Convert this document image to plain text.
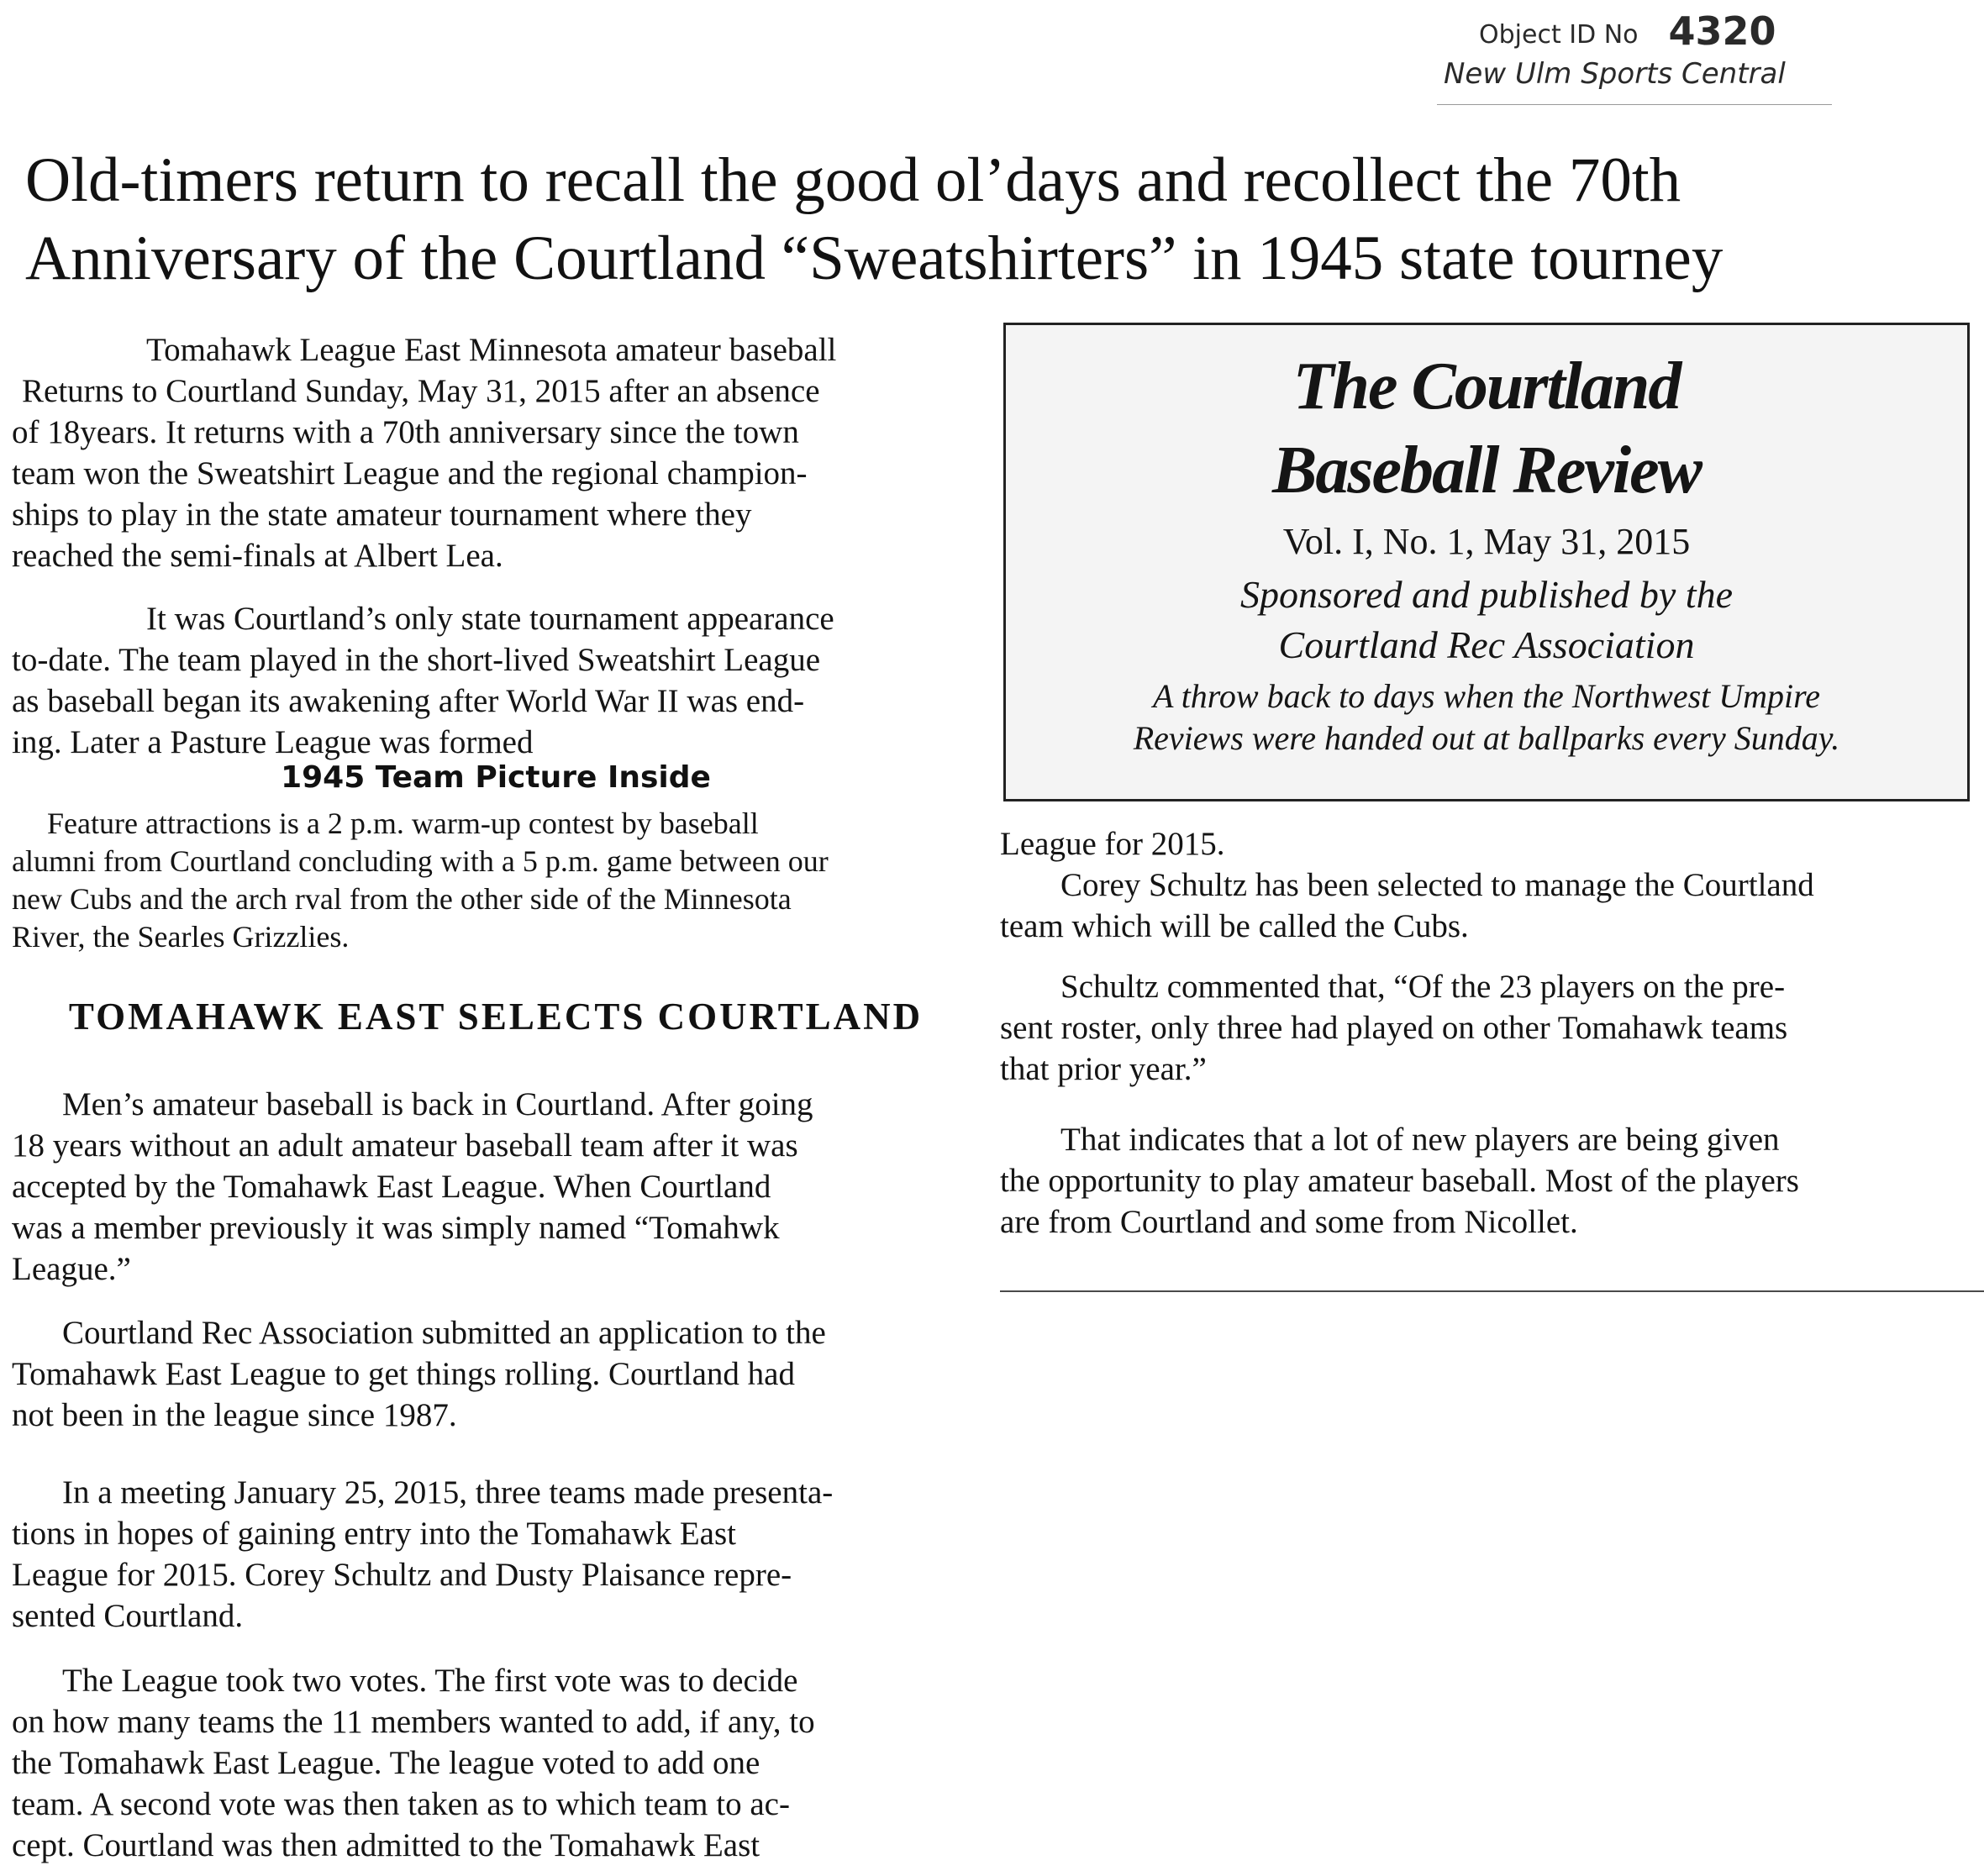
Object ID No 4320
New Ulm Sports Central
Old-timers return to recall the good ol’days and recollect the 70th
Anniversary of the Courtland “Sweatshirters” in 1945 state tourney
Tomahawk League East Minnesota amateur baseball
Returns to Courtland Sunday, May 31, 2015 after an absence
of 18years. It returns with a 70th anniversary since the town
team won the Sweatshirt League and the regional champion-
ships to play in the state amateur tournament where they
reached the semi-finals at Albert Lea.
It was Courtland’s only state tournament appearance
to-date. The team played in the short-lived Sweatshirt League
as baseball began its awakening after World War II was end-
ing. Later a Pasture League was formed
1945 Team Picture Inside
Feature attractions is a 2 p.m. warm-up contest by baseball
alumni from Courtland concluding with a 5 p.m. game between our
new Cubs and the arch rval from the other side of the Minnesota
River, the Searles Grizzlies.
TOMAHAWK EAST SELECTS COURTLAND
Men’s amateur baseball is back in Courtland. After going
18 years without an adult amateur baseball team after it was
accepted by the Tomahawk East League. When Courtland
was a member previously it was simply named “Tomahwk
League.”
Courtland Rec Association submitted an application to the
Tomahawk East League to get things rolling. Courtland had
not been in the league since 1987.
In a meeting January 25, 2015, three teams made presenta-
tions in hopes of gaining entry into the Tomahawk East
League for 2015. Corey Schultz and Dusty Plaisance repre-
sented Courtland.
The League took two votes. The first vote was to decide
on how many teams the 11 members wanted to add, if any, to
the Tomahawk East League. The league voted to add one
team. A second vote was then taken as to which team to ac-
cept. Courtland was then admitted to the Tomahawk East
The Courtland
Baseball Review
Vol. I, No. 1, May 31, 2015
Sponsored and published by the
Courtland Rec Association
A throw back to days when the Northwest Umpire
Reviews were handed out at ballparks every Sunday.
League for 2015.
Corey Schultz has been selected to manage the Courtland
team which will be called the Cubs.
Schultz commented that, “Of the 23 players on the pre-
sent roster, only three had played on other Tomahawk teams
that prior year.”
That indicates that a lot of new players are being given
the opportunity to play amateur baseball. Most of the players
are from Courtland and some from Nicollet.
